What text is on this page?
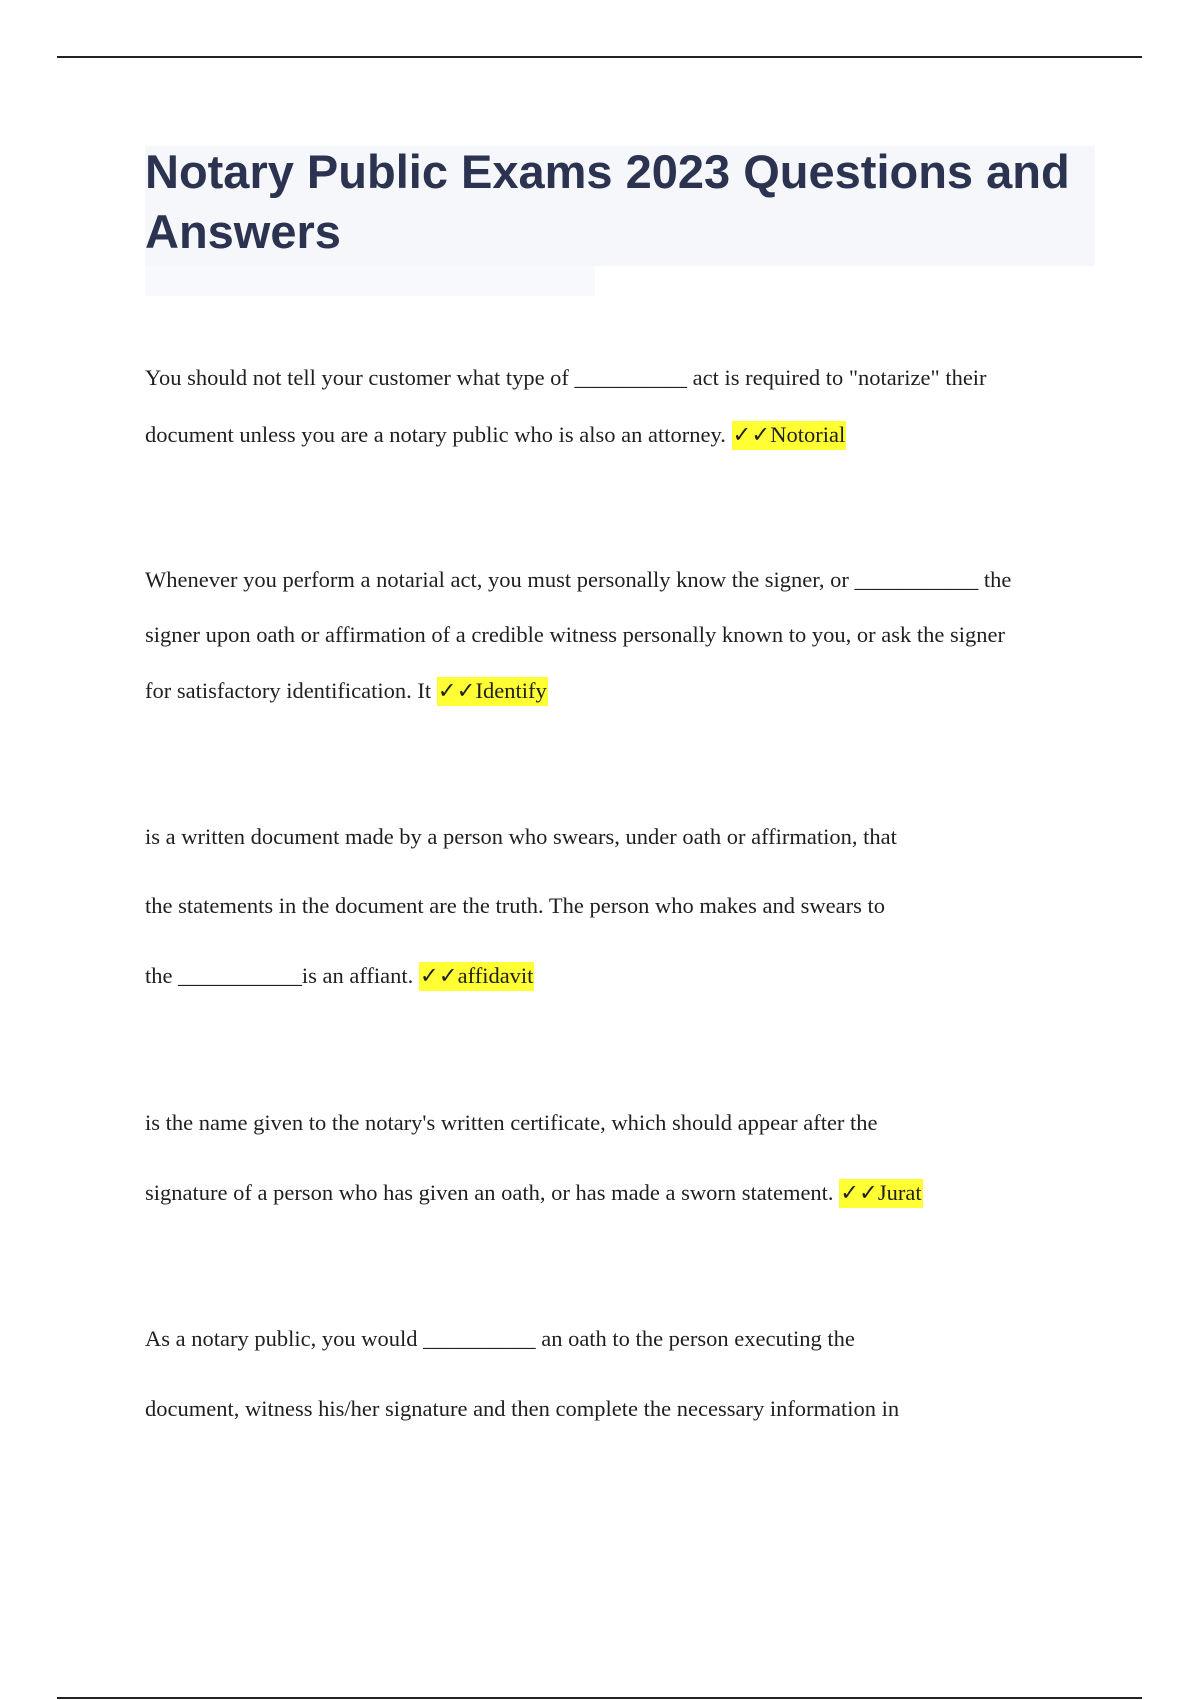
Notary Public Exams 2023 Questions and Answers

You should not tell your customer what type of __________ act is required to "notarize" their

document unless you are a notary public who is also an attorney. ✓✓Notorial

Whenever you perform a notarial act, you must personally know the signer, or ___________ the

signer upon oath or affirmation of a credible witness personally known to you, or ask the signer

for satisfactory identification. It ✓✓Identify

is a written document made by a person who swears, under oath or affirmation, that

the statements in the document are the truth. The person who makes and swears to

the ___________is an affiant. ✓✓affidavit

is the name given to the notary's written certificate, which should appear after the

signature of a person who has given an oath, or has made a sworn statement. ✓✓Jurat

As a notary public, you would __________ an oath to the person executing the

document, witness his/her signature and then complete the necessary information in
